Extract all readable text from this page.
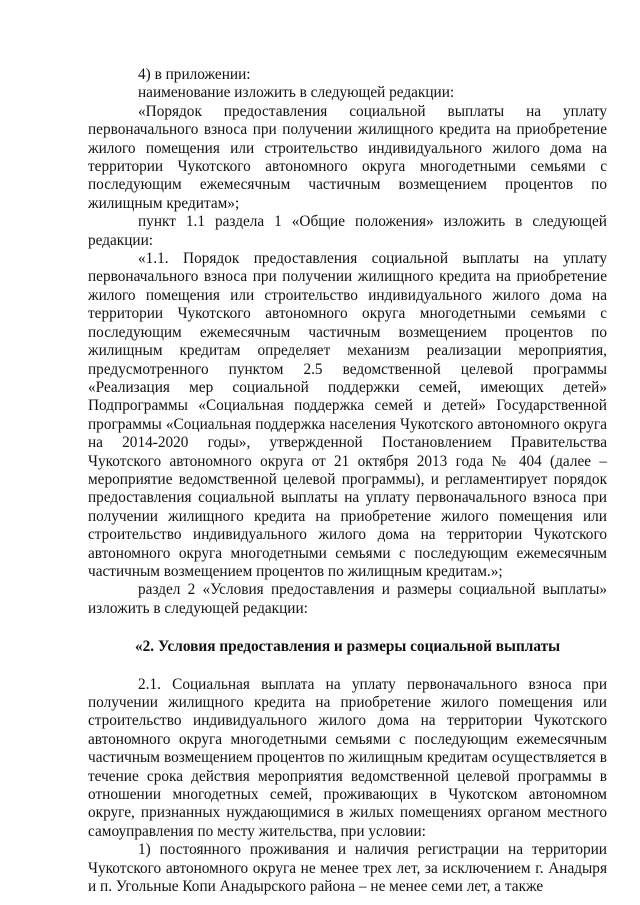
4) в приложении:

наименование изложить в следующей редакции:

«Порядок предоставления социальной выплаты на уплату первоначального взноса при получении жилищного кредита на приобретение жилого помещения или строительство индивидуального жилого дома на территории Чукотского автономного округа многодетными семьями с последующим ежемесячным частичным возмещением процентов по жилищным кредитам»;

пункт 1.1 раздела 1 «Общие положения» изложить в следующей редакции:

«1.1. Порядок предоставления социальной выплаты на уплату первоначального взноса при получении жилищного кредита на приобретение жилого помещения или строительство индивидуального жилого дома на территории Чукотского автономного округа многодетными семьями с последующим ежемесячным частичным возмещением процентов по жилищным кредитам определяет механизм реализации мероприятия, предусмотренного пунктом 2.5 ведомственной целевой программы «Реализация мер социальной поддержки семей, имеющих детей» Подпрограммы «Социальная поддержка семей и детей» Государственной программы «Социальная поддержка населения Чукотского автономного округа на 2014-2020 годы», утвержденной Постановлением Правительства Чукотского автономного округа от 21 октября 2013 года № 404 (далее – мероприятие ведомственной целевой программы), и регламентирует порядок предоставления социальной выплаты на уплату первоначального взноса при получении жилищного кредита на приобретение жилого помещения или строительство индивидуального жилого дома на территории Чукотского автономного округа многодетными семьями с последующим ежемесячным частичным возмещением процентов по жилищным кредитам.»;

раздел 2 «Условия предоставления и размеры социальной выплаты» изложить в следующей редакции:

«2. Условия предоставления и размеры социальной выплаты

2.1. Социальная выплата на уплату первоначального взноса при получении жилищного кредита на приобретение жилого помещения или строительство индивидуального жилого дома на территории Чукотского автономного округа многодетными семьями с последующим ежемесячным частичным возмещением процентов по жилищным кредитам осуществляется в течение срока действия мероприятия ведомственной целевой программы в отношении многодетных семей, проживающих в Чукотском автономном округе, признанных нуждающимися в жилых помещениях органом местного самоуправления по месту жительства, при условии:

1) постоянного проживания и наличия регистрации на территории Чукотского автономного округа не менее трех лет, за исключением г. Анадыря и п. Угольные Копи Анадырского района – не менее семи лет, а также
